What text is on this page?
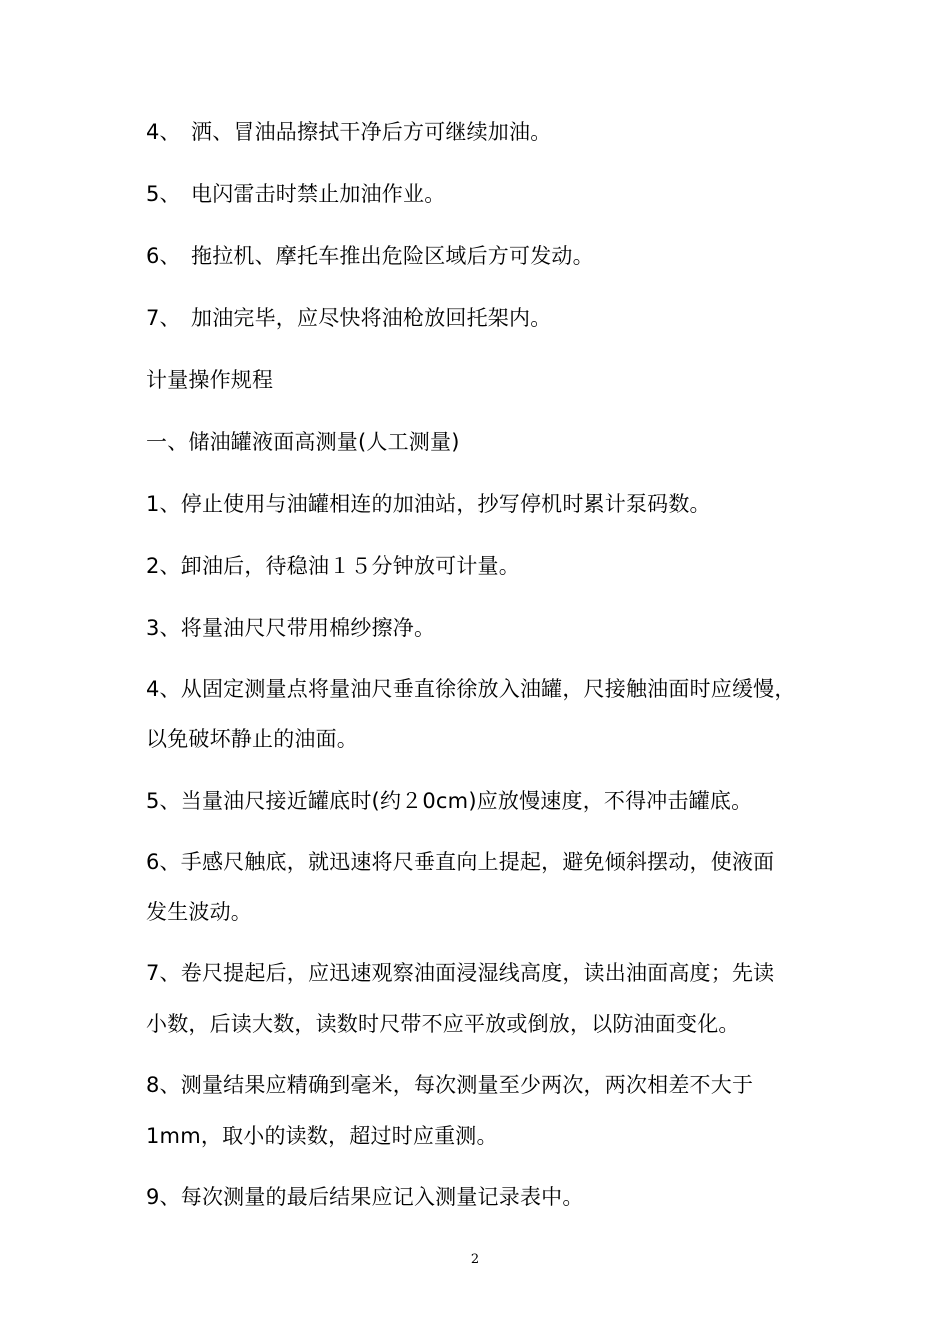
4、 洒、冒油品擦拭干净后方可继续加油。
5、 电闪雷击时禁止加油作业。
6、 拖拉机、摩托车推出危险区域后方可发动。
7、 加油完毕，应尽快将油枪放回托架内。
计量操作规程
一、储油罐液面高测量(人工测量)
1、停止使用与油罐相连的加油站，抄写停机时累计泵码数。
2、卸油后，待稳油１５分钟放可计量。
3、将量油尺尺带用棉纱擦净。
4、从固定测量点将量油尺垂直徐徐放入油罐，尺接触油面时应缓慢，
以免破坏静止的油面。
5、当量油尺接近罐底时(约２0cm)应放慢速度，不得冲击罐底。
6、手感尺触底，就迅速将尺垂直向上提起，避免倾斜摆动，使液面
发生波动。
7、卷尺提起后，应迅速观察油面浸湿线高度，读出油面高度；先读
小数，后读大数，读数时尺带不应平放或倒放，以防油面变化。
8、测量结果应精确到毫米，每次测量至少两次，两次相差不大于
1mm，取小的读数，超过时应重测。
9、每次测量的最后结果应记入测量记录表中。
2
